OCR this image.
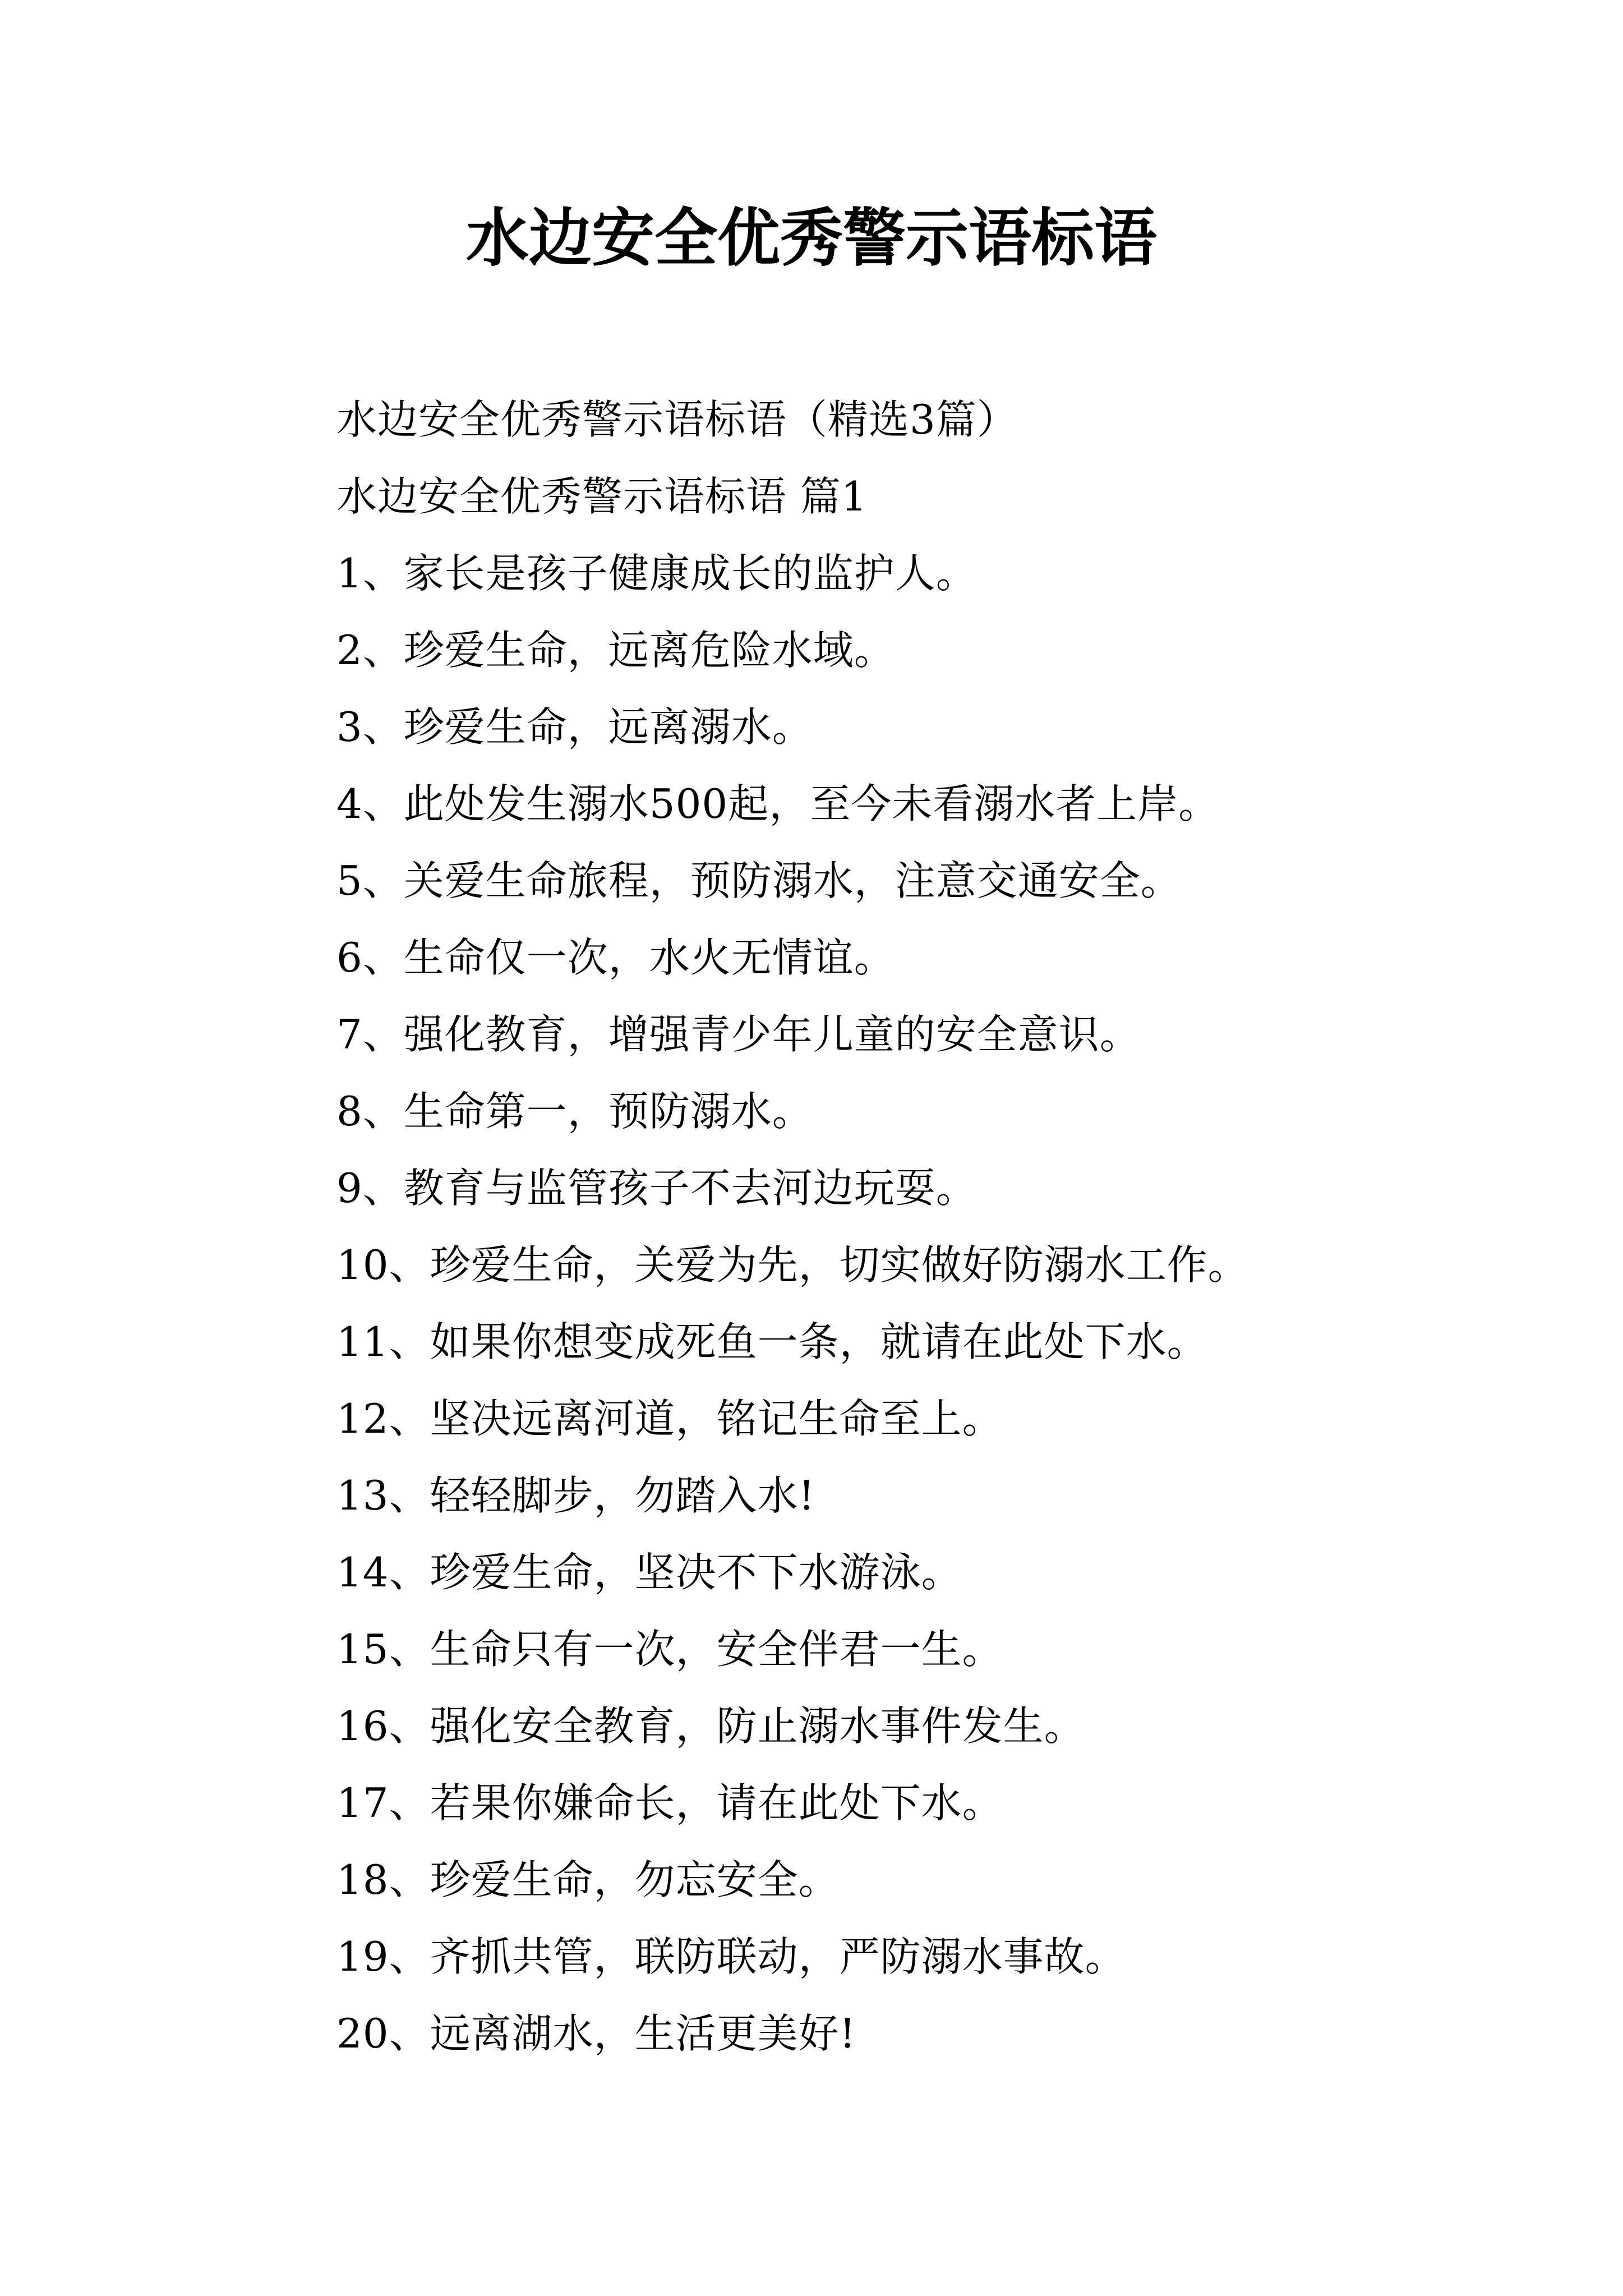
水边安全优秀警示语标语
水边安全优秀警示语标语（精选3篇）
水边安全优秀警示语标语 篇1
1、家长是孩子健康成长的监护人。
2、珍爱生命，远离危险水域。
3、珍爱生命，远离溺水。
4、此处发生溺水500起，至今未看溺水者上岸。
5、关爱生命旅程，预防溺水，注意交通安全。
6、生命仅一次，水火无情谊。
7、强化教育，增强青少年儿童的安全意识。
8、生命第一，预防溺水。
9、教育与监管孩子不去河边玩耍。
10、珍爱生命，关爱为先，切实做好防溺水工作。
11、如果你想变成死鱼一条，就请在此处下水。
12、坚决远离河道，铭记生命至上。
13、轻轻脚步，勿踏入水!
14、珍爱生命，坚决不下水游泳。
15、生命只有一次，安全伴君一生。
16、强化安全教育，防止溺水事件发生。
17、若果你嫌命长，请在此处下水。
18、珍爱生命，勿忘安全。
19、齐抓共管，联防联动，严防溺水事故。
20、远离湖水，生活更美好!
